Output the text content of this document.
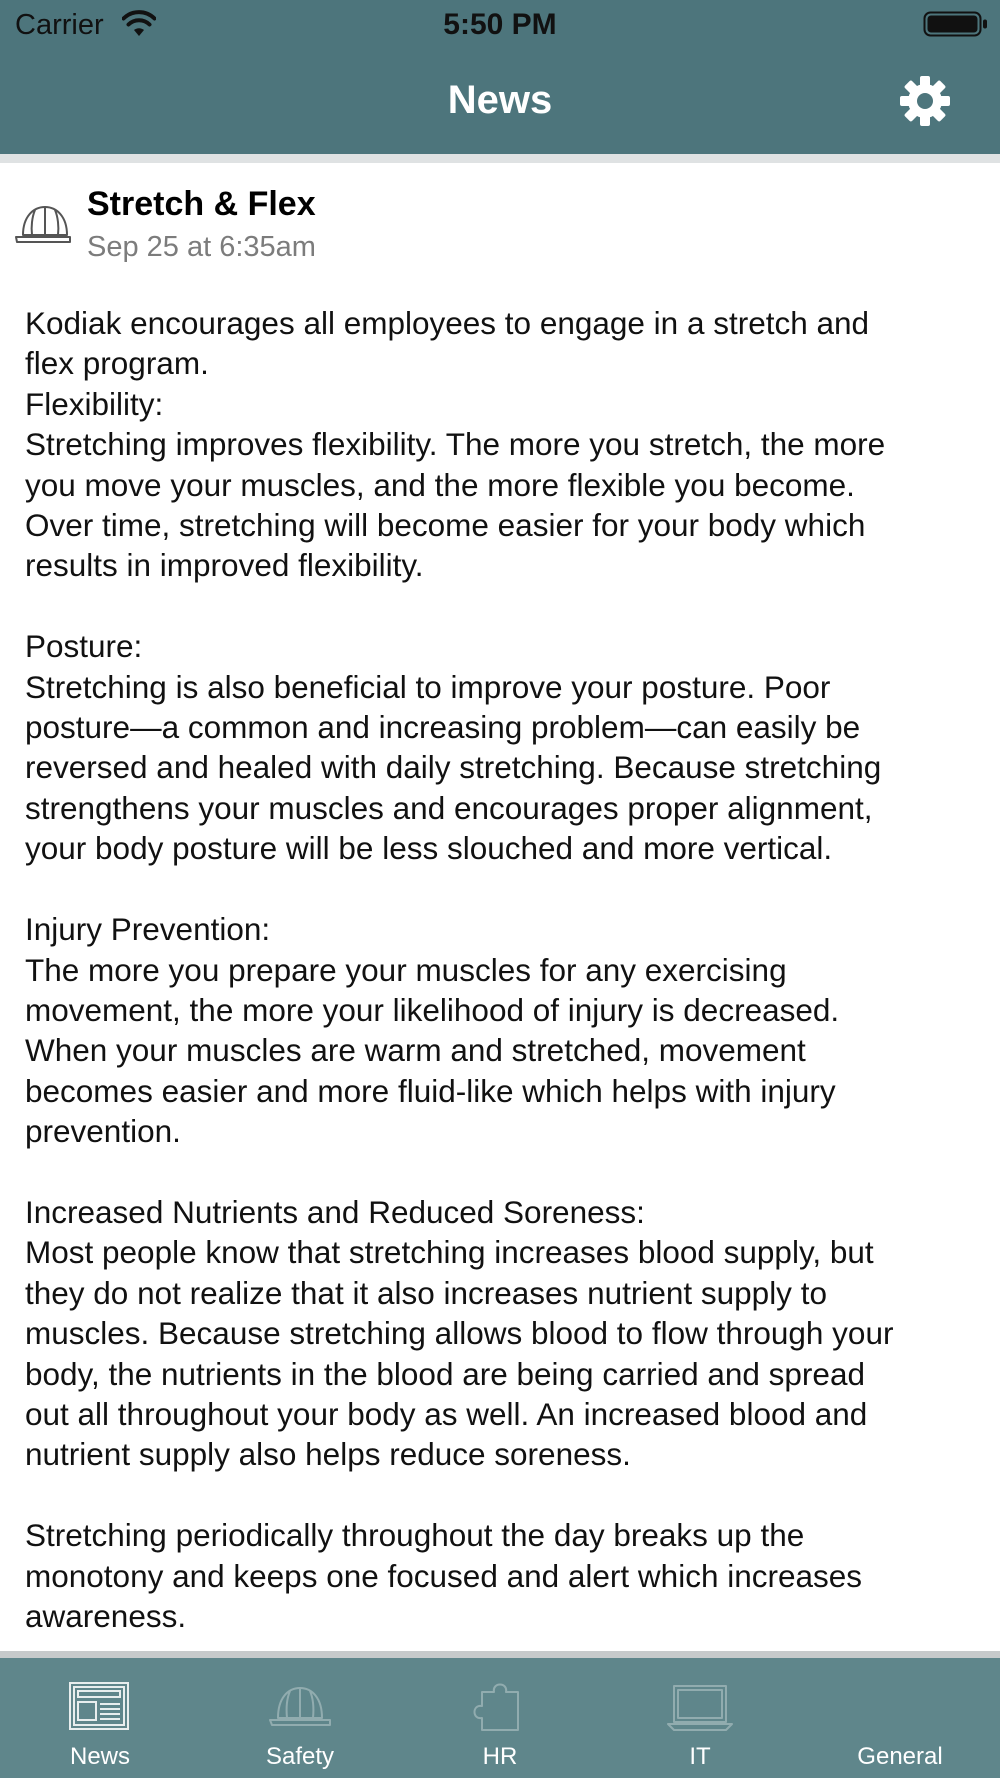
Carrier	5:50 PM
News
Stretch & Flex
Sep 25 at 6:35am

Kodiak encourages all employees to engage in a stretch and

flex program.

Flexibility:

Stretching improves flexibility. The more you stretch, the more

you move your muscles, and the more flexible you become.

Over time, stretching will become easier for your body which

results in improved flexibility.

Posture:

Stretching is also beneficial to improve your posture. Poor

posture—a common and increasing problem—can easily be

reversed and healed with daily stretching. Because stretching

strengthens your muscles and encourages proper alignment,

your body posture will be less slouched and more vertical.

Injury Prevention:

The more you prepare your muscles for any exercising

movement, the more your likelihood of injury is decreased.

When your muscles are warm and stretched, movement

becomes easier and more fluid-like which helps with injury

prevention.

Increased Nutrients and Reduced Soreness:

Most people know that stretching increases blood supply, but

they do not realize that it also increases nutrient supply to

muscles. Because stretching allows blood to flow through your

body, the nutrients in the blood are being carried and spread

out all throughout your body as well. An increased blood and

nutrient supply also helps reduce soreness.

Stretching periodically throughout the day breaks up the

monotony and keeps one focused and alert which increases

awareness.

News	Safety	HR	IT	General
